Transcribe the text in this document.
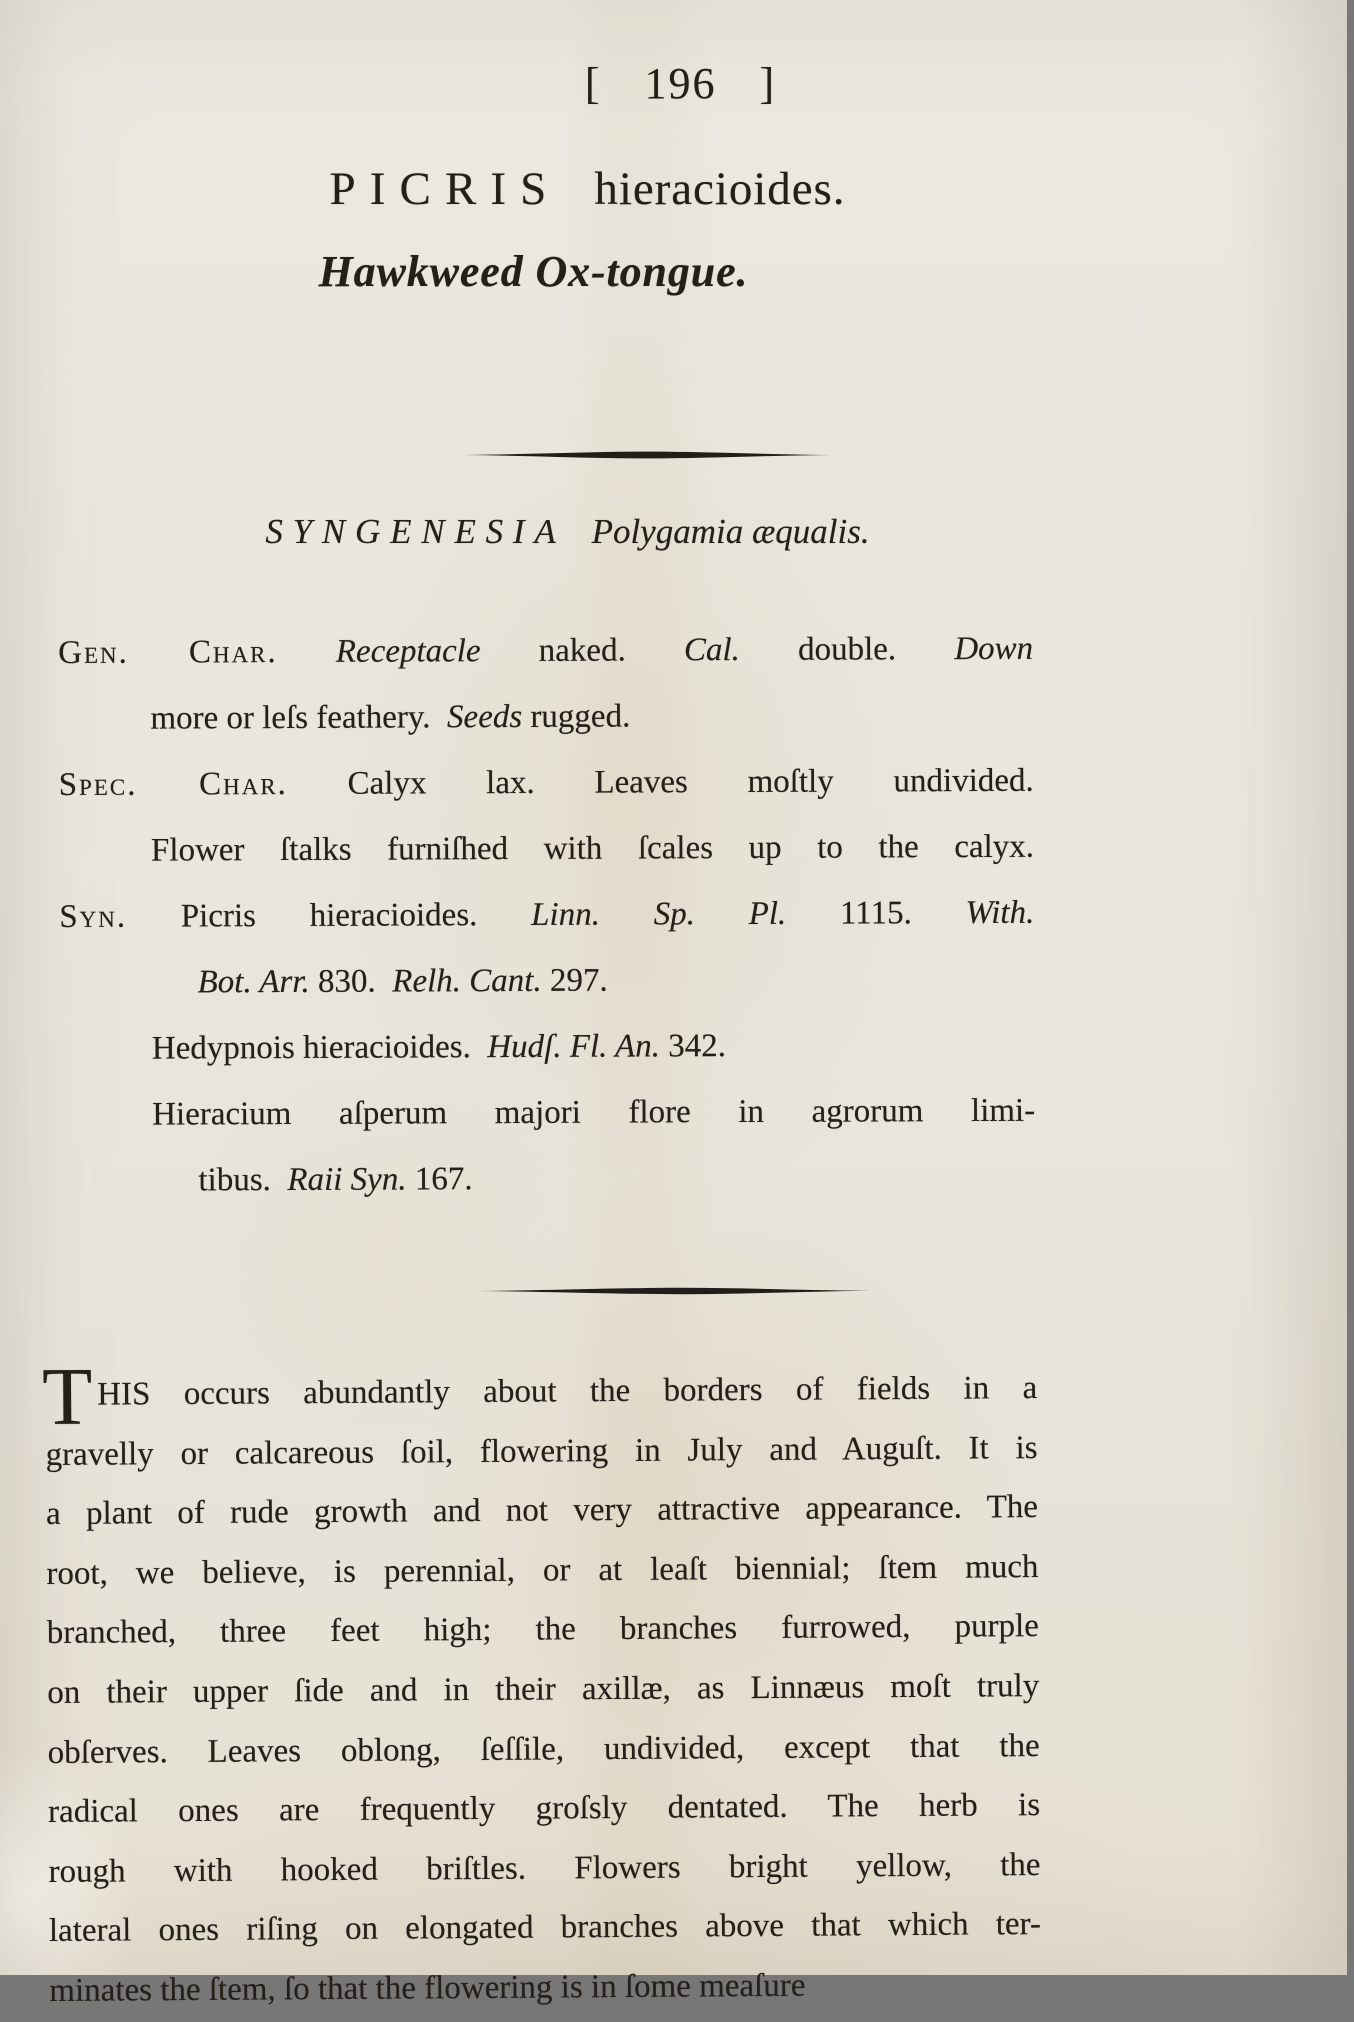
[ 196 ]
PICRIS hieracioides.
Hawkweed Ox-tongue.
SYNGENESIA Polygamia æqualis.
Gen. Char. Receptacle naked. Cal. double. Down
more or leſs feathery. Seeds rugged.
Spec. Char. Calyx lax. Leaves moſtly undivided.
Flower ſtalks furniſhed with ſcales up to the calyx.
Syn. Picris hieracioides. Linn. Sp. Pl. 1115. With.
Bot. Arr. 830. Relh. Cant. 297.
Hedypnois hieracioides. Hudſ. Fl. An. 342.
Hieracium aſperum majori flore in agrorum limi-
tibus. Raii Syn. 167.
T HIS occurs abundantly about the borders of fields in a
gravelly or calcareous ſoil, flowering in July and Auguſt. It is
a plant of rude growth and not very attractive appearance. The
root, we believe, is perennial, or at leaſt biennial; ſtem much
branched, three feet high; the branches furrowed, purple
on their upper ſide and in their axillæ, as Linnæus moſt truly
obſerves. Leaves oblong, ſeſſile, undivided, except that the
radical ones are frequently groſsly dentated. The herb is
rough with hooked briſtles. Flowers bright yellow, the
lateral ones riſing on elongated branches above that which ter-
minates the ſtem, ſo that the flowering is in ſome meaſure
